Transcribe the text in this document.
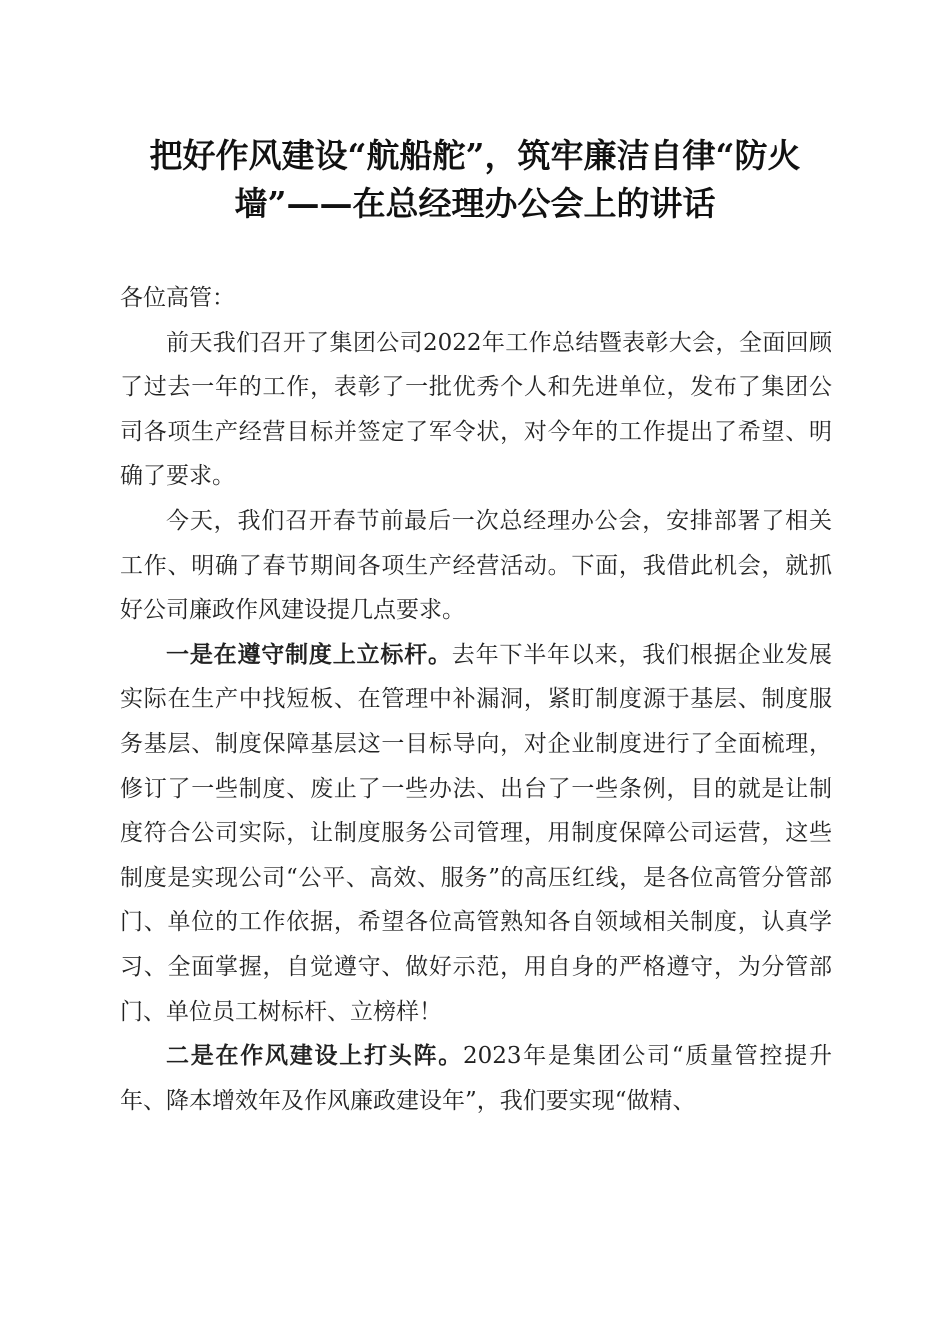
把好作风建设“航船舵”，筑牢廉洁自律“防火墙”——在总经理办公会上的讲话

各位高管：

前天我们召开了集团公司2022年工作总结暨表彰大会，全面回顾了过去一年的工作，表彰了一批优秀个人和先进单位，发布了集团公司各项生产经营目标并签定了军令状，对今年的工作提出了希望、明确了要求。

今天，我们召开春节前最后一次总经理办公会，安排部署了相关工作、明确了春节期间各项生产经营活动。下面，我借此机会，就抓好公司廉政作风建设提几点要求。

一是在遵守制度上立标杆。去年下半年以来，我们根据企业发展实际在生产中找短板、在管理中补漏洞，紧盯制度源于基层、制度服务基层、制度保障基层这一目标导向，对企业制度进行了全面梳理，修订了一些制度、废止了一些办法、出台了一些条例，目的就是让制度符合公司实际，让制度服务公司管理，用制度保障公司运营，这些制度是实现公司“公平、高效、服务”的高压红线，是各位高管分管部门、单位的工作依据，希望各位高管熟知各自领域相关制度，认真学习、全面掌握，自觉遵守、做好示范，用自身的严格遵守，为分管部门、单位员工树标杆、立榜样！

二是在作风建设上打头阵。2023年是集团公司“质量管控提升年、降本增效年及作风廉政建设年”，我们要实现“做精、
